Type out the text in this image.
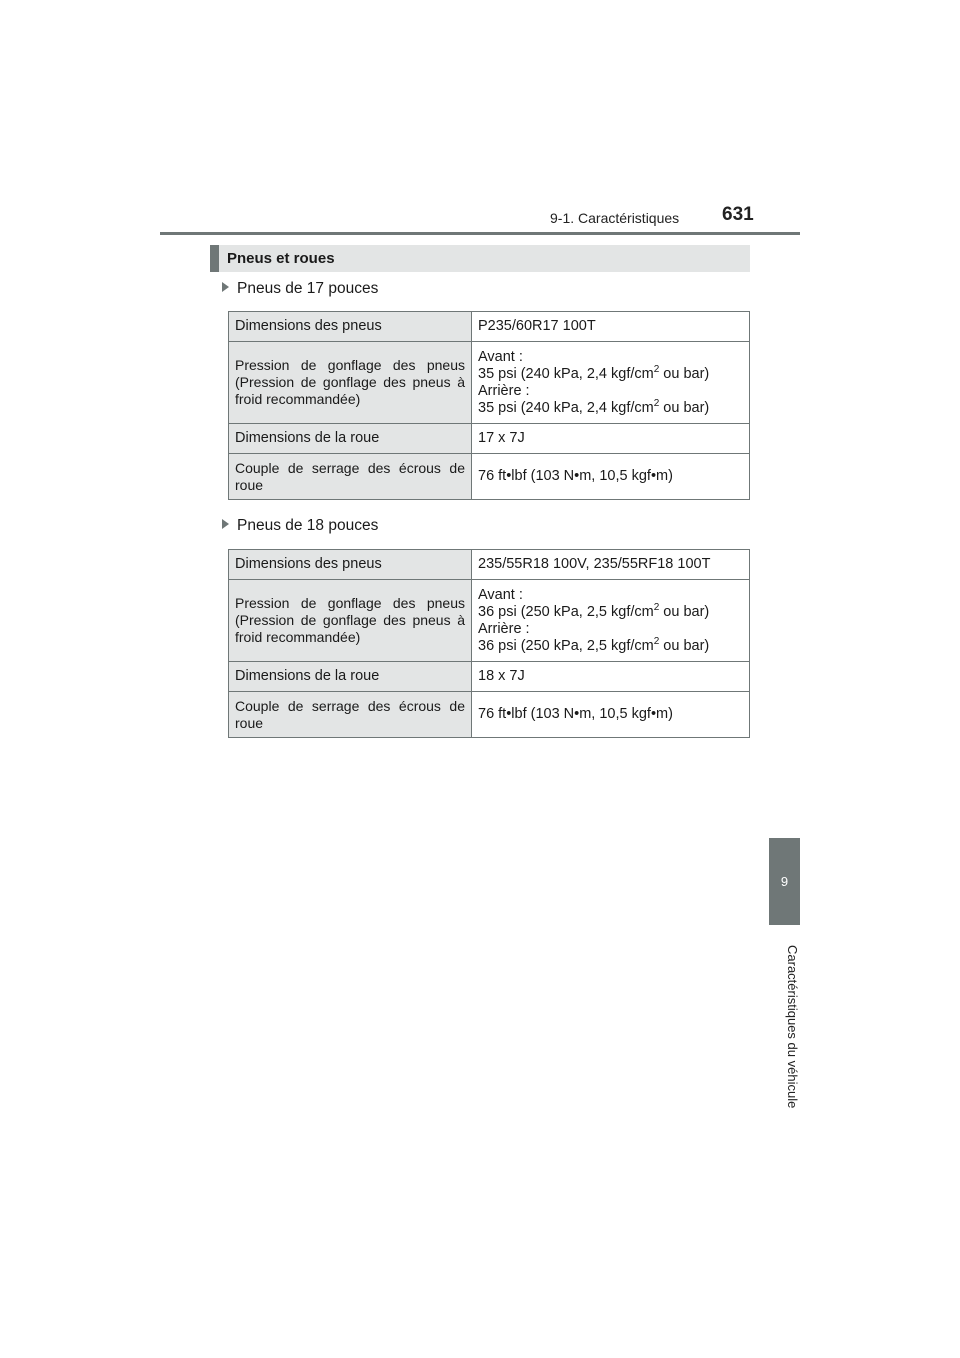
9-1. Caractéristiques 631
9
Caractéristiques du véhicule
Pneus et roues
Pneus de 17 pouces
Dimensions des pneus	P235/60R17 100T
Pression de gonflage des pneus (Pression de gonflage des pneus à froid recommandée)	Avant :
35 psi (240 kPa, 2,4 kgf/$cm^2$ ou bar)
Arrière :
35 psi (240 kPa, 2,4 kgf/$cm^2$ ou bar)

Dimensions de la roue	17 x 7J
Couple de serrage des écrous de roue	76 ft•lbf (103 N•m, 10,5 kgf•m)
Pneus de 18 pouces
Dimensions des pneus	235/55R18 100V, 235/55RF18 100T
Pression de gonflage des pneus (Pression de gonflage des pneus à froid recommandée)	Avant :
36 psi (250 kPa, 2,5 kgf/$cm^2$ ou bar)
Arrière :
36 psi (250 kPa, 2,5 kgf/$cm^2$ ou bar)

Dimensions de la roue	18 x 7J
Couple de serrage des écrous de roue	76 ft•lbf (103 N•m, 10,5 kgf•m)
